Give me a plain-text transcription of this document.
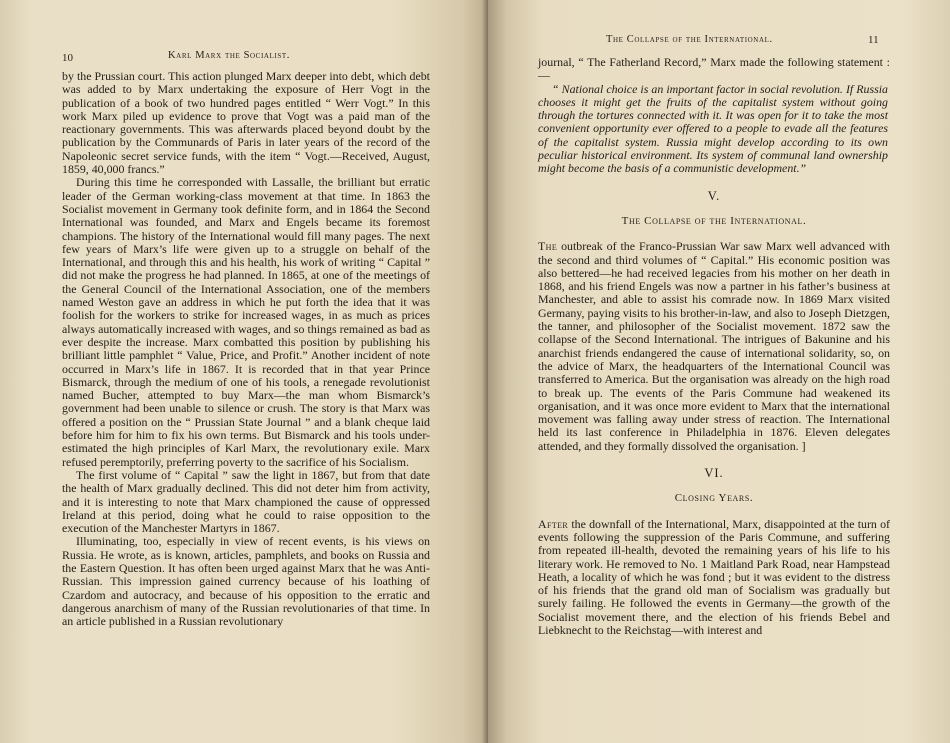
10	Karl Marx the Socialist.

by the Prussian court. This action plunged Marx deeper into debt, which debt was added to by Marx undertaking the exposure of Herr Vogt in the publication of a book of two hundred pages entitled “ Werr Vogt.” In this work Marx piled up evidence to prove that Vogt was a paid man of the reactionary governments. This was afterwards placed beyond doubt by the publication by the Communards of Paris in later years of the record of the Napoleonic secret service funds, with the item “ Vogt.—Received, August, 1859, 40,000 francs.”

During this time he corresponded with Lassalle, the brilliant but erratic leader of the German working-class movement at that time. In 1863 the Socialist movement in Germany took definite form, and in 1864 the Second International was founded, and Marx and Engels became its foremost champions. The history of the International would fill many pages. The next few years of Marx’s life were given up to a struggle on behalf of the International, and through this and his health, his work of writing “ Capital ” did not make the progress he had planned. In 1865, at one of the meetings of the General Council of the International Association, one of the members named Weston gave an address in which he put forth the idea that it was foolish for the workers to strike for increased wages, in as much as prices always automatically increased with wages, and so things remained as bad as ever despite the increase. Marx combatted this position by publishing his brilliant little pamphlet “ Value, Price, and Profit.” Another incident of note occurred in Marx’s life in 1867. It is recorded that in that year Prince Bismarck, through the medium of one of his tools, a renegade revolutionist named Bucher, attempted to buy Marx—the man whom Bismarck’s government had been unable to silence or crush. The story is that Marx was offered a position on the “ Prussian State Journal ” and a blank cheque laid before him for him to fix his own terms. But Bismarck and his tools under-estimated the high principles of Karl Marx, the revolutionary exile. Marx refused peremptorily, preferring poverty to the sacrifice of his Socialism.

The first volume of “ Capital ” saw the light in 1867, but from that date the health of Marx gradually declined. This did not deter him from activity, and it is interesting to note that Marx championed the cause of oppressed Ireland at this period, doing what he could to raise opposition to the execution of the Manchester Martyrs in 1867.

Illuminating, too, especially in view of recent events, is his views on Russia. He wrote, as is known, articles, pamphlets, and books on Russia and the Eastern Question. It has often been urged against Marx that he was Anti-Russian. This impression gained currency because of his loathing of Czardom and autocracy, and because of his opposition to the erratic and dangerous anarchism of many of the Russian revolutionaries of that time. In an article published in a Russian revolutionary

The Collapse of the International.	11

journal, “ The Fatherland Record,” Marx made the following statement :—

“ National choice is an important factor in social revolution. If Russia chooses it might get the fruits of the capitalist system without going through the tortures connected with it. It was open for it to take the most convenient opportunity ever offered to a people to evade all the features of the capitalist system. Russia might develop according to its own peculiar historical environment. Its system of communal land ownership might become the basis of a communistic development.”

V.
The Collapse of the International.

The outbreak of the Franco-Prussian War saw Marx well advanced with the second and third volumes of “ Capital.” His economic position was also bettered—he had received legacies from his mother on her death in 1868, and his friend Engels was now a partner in his father’s business at Manchester, and able to assist his comrade now. In 1869 Marx visited Germany, paying visits to his brother-in-law, and also to Joseph Dietzgen, the tanner, and philosopher of the Socialist movement. 1872 saw the collapse of the Second International. The intrigues of Bakunine and his anarchist friends endangered the cause of international solidarity, so, on the advice of Marx, the headquarters of the International Council was transferred to America. But the organisation was already on the high road to break up. The events of the Paris Commune had weakened its organisation, and it was once more evident to Marx that the international movement was falling away under stress of reaction. The International held its last conference in Philadelphia in 1876. Eleven delegates attended, and they formally dissolved the organisation. ]

VI.
Closing Years.

After the downfall of the International, Marx, disappointed at the turn of events following the suppression of the Paris Commune, and suffering from repeated ill-health, devoted the remaining years of his life to his literary work. He removed to No. 1 Maitland Park Road, near Hampstead Heath, a locality of which he was fond ; but it was evident to the distress of his friends that the grand old man of Socialism was gradually but surely failing. He followed the events in Germany—the growth of the Socialist movement there, and the election of his friends Bebel and Liebknecht to the Reichstag—with interest and
